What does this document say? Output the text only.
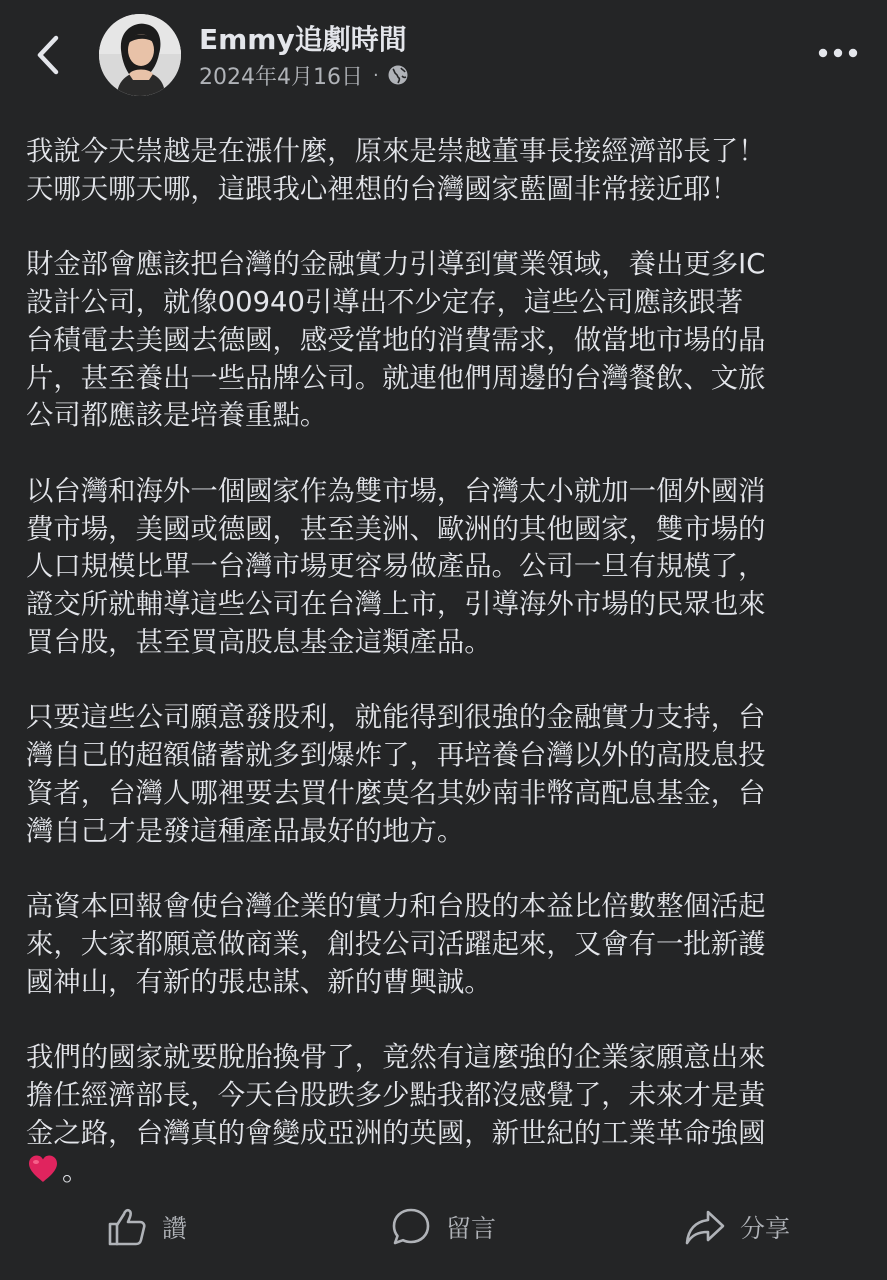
Emmy追劇時間
2024年4月16日 ·
我說今天崇越是在漲什麼，原來是崇越董事長接經濟部長了！
天哪天哪天哪，這跟我心裡想的台灣國家藍圖非常接近耶！
財金部會應該把台灣的金融實力引導到實業領域，養出更多IC
設計公司，就像00940引導出不少定存，這些公司應該跟著
台積電去美國去德國，感受當地的消費需求，做當地市場的晶
片，甚至養出一些品牌公司。就連他們周邊的台灣餐飲、文旅
公司都應該是培養重點。
以台灣和海外一個國家作為雙市場，台灣太小就加一個外國消
費市場，美國或德國，甚至美洲、歐洲的其他國家，雙市場的
人口規模比單一台灣市場更容易做產品。公司一旦有規模了，
證交所就輔導這些公司在台灣上市，引導海外市場的民眾也來
買台股，甚至買高股息基金這類產品。
只要這些公司願意發股利，就能得到很強的金融實力支持，台
灣自己的超額儲蓄就多到爆炸了，再培養台灣以外的高股息投
資者，台灣人哪裡要去買什麼莫名其妙南非幣高配息基金，台
灣自己才是發這種產品最好的地方。
高資本回報會使台灣企業的實力和台股的本益比倍數整個活起
來，大家都願意做商業，創投公司活躍起來，又會有一批新護
國神山，有新的張忠謀、新的曹興誠。
我們的國家就要脫胎換骨了，竟然有這麼強的企業家願意出來
擔任經濟部長，今天台股跌多少點我都沒感覺了，未來才是黃
金之路，台灣真的會變成亞洲的英國，新世紀的工業革命強國
。
讚	留言	分享
